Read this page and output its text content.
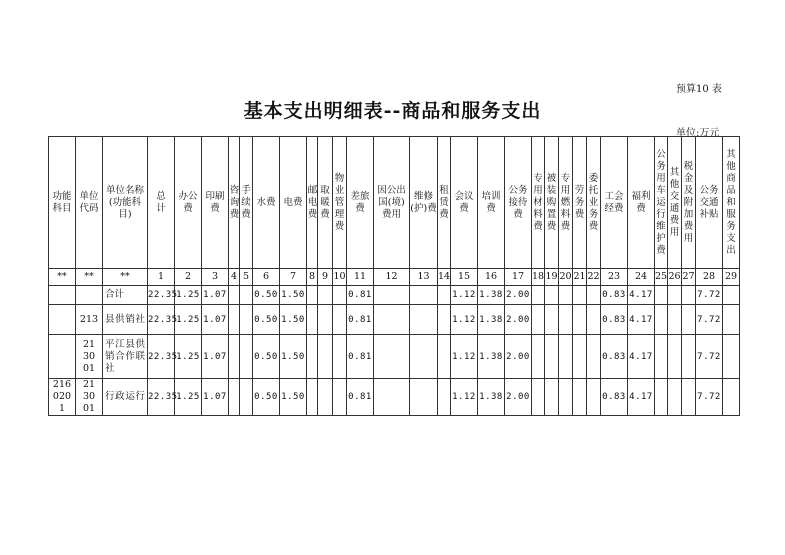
预算10 表
基本支出明细表--商品和服务支出
单位:万元
功能科目	单位代码	单位名称(功能科目)	总计	办公费	印刷费	咨询费	手续费	水费	电费	邮电费	取暖费	物业管理费	差旅费	因公出国(境)费用	维修(护)费	租赁费	会议费	培训费	公务接待费	专用材料费	被装购置费	专用燃料费	劳务费	委托业务费	工会经费	福利费	公务用车运行维护费	其他交通费用	税金及附加费用	公务交通补贴	其他商品和服务支出
**	**	**	1	2	3	4	5	6	7	8	9	10	11	12	13	14	15	16	17	18	19	20	21	22	23	24	25	26	27	28	29
		合计	22.35	1.25	1.07			0.50	1.50				0.81				1.12	1.38	2.00						0.83	4.17				7.72	
	213	县供销社	22.35	1.25	1.07			0.50	1.50				0.81				1.12	1.38	2.00						0.83	4.17				7.72	
	213001	平江县供销合作联社	22.35	1.25	1.07			0.50	1.50				0.81				1.12	1.38	2.00						0.83	4.17				7.72	
2160201	213001	行政运行	22.35	1.25	1.07			0.50	1.50				0.81				1.12	1.38	2.00						0.83	4.17				7.72	
